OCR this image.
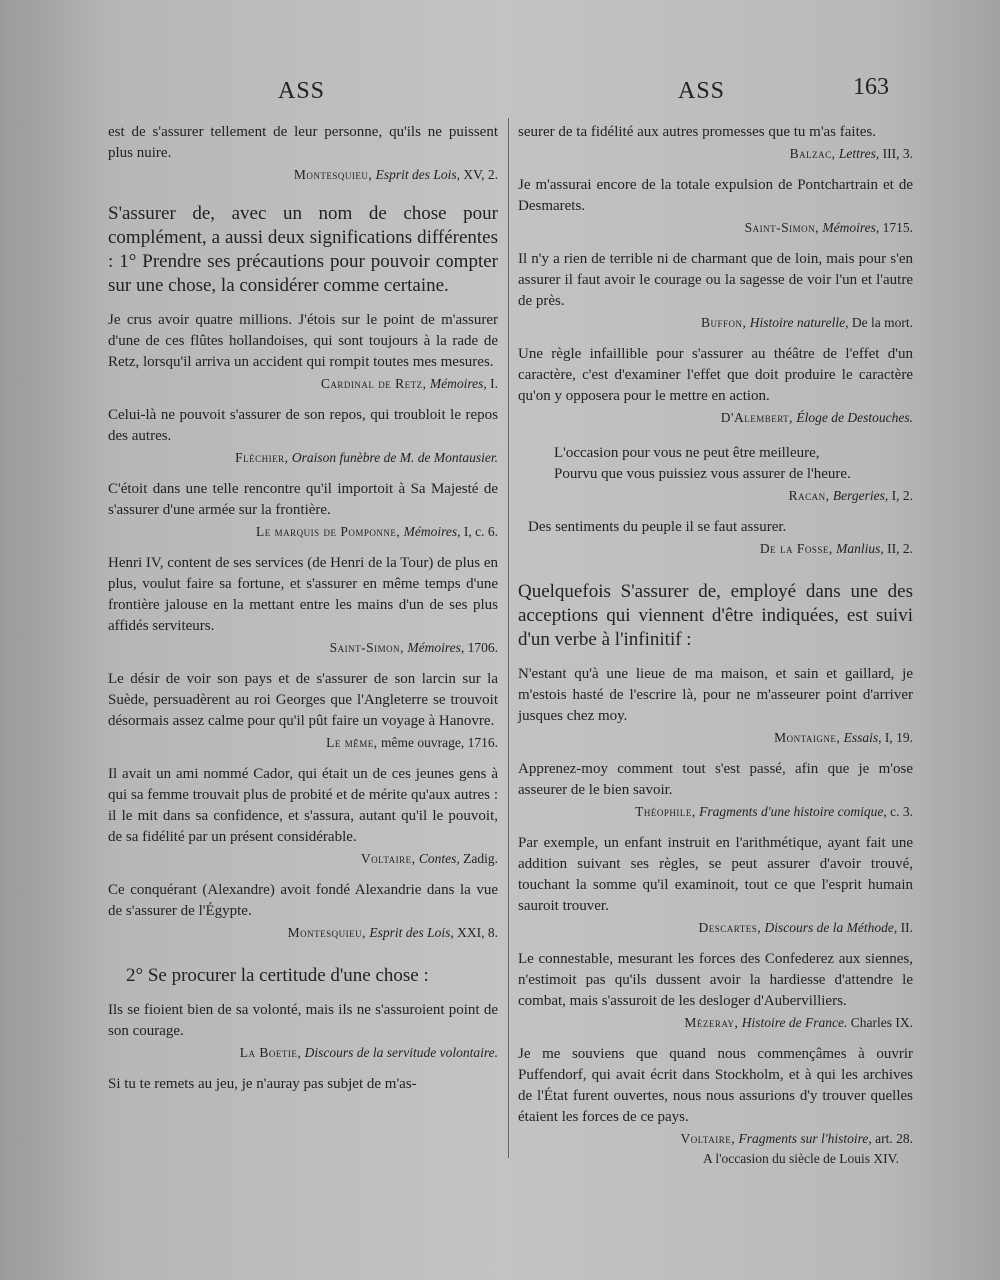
ASS	ASS	163

est de s'assurer tellement de leur personne, qu'ils ne puissent plus nuire.

Montesquieu, Esprit des Lois, XV, 2.

S'assurer de, avec un nom de chose pour complément, a aussi deux significations différentes : 1° Prendre ses précautions pour pouvoir compter sur une chose, la considérer comme certaine.

Je crus avoir quatre millions. J'étois sur le point de m'assurer d'une de ces flûtes hollandoises, qui sont toujours à la rade de Retz, lorsqu'il arriva un accident qui rompit toutes mes mesures.

Cardinal de Retz, Mémoires, I.

Celui-là ne pouvoit s'assurer de son repos, qui troubloit le repos des autres.

Fléchier, Oraison funèbre de M. de Montausier.

C'étoit dans une telle rencontre qu'il importoit à Sa Majesté de s'assurer d'une armée sur la frontière.

Le marquis de Pomponne, Mémoires, I, c. 6.

Henri IV, content de ses services (de Henri de la Tour) de plus en plus, voulut faire sa fortune, et s'assurer en même temps d'une frontière jalouse en la mettant entre les mains d'un de ses plus affidés serviteurs.

Saint-Simon, Mémoires, 1706.

Le désir de voir son pays et de s'assurer de son larcin sur la Suède, persuadèrent au roi Georges que l'Angleterre se trouvoit désormais assez calme pour qu'il pût faire un voyage à Hanovre.

Le même, même ouvrage, 1716.

Il avait un ami nommé Cador, qui était un de ces jeunes gens à qui sa femme trouvait plus de probité et de mérite qu'aux autres : il le mit dans sa confidence, et s'assura, autant qu'il le pouvoit, de sa fidélité par un présent considérable.

Voltaire, Contes, Zadig.

Ce conquérant (Alexandre) avoit fondé Alexandrie dans la vue de s'assurer de l'Égypte.

Montesquieu, Esprit des Lois, XXI, 8.

2° Se procurer la certitude d'une chose :

Ils se fioient bien de sa volonté, mais ils ne s'assuroient point de son courage.

La Boetie, Discours de la servitude volontaire.

Si tu te remets au jeu, je n'auray pas subjet de m'as-

seurer de ta fidélité aux autres promesses que tu m'as faites.

Balzac, Lettres, III, 3.

Je m'assurai encore de la totale expulsion de Pontchartrain et de Desmarets.

Saint-Simon, Mémoires, 1715.

Il n'y a rien de terrible ni de charmant que de loin, mais pour s'en assurer il faut avoir le courage ou la sagesse de voir l'un et l'autre de près.

Buffon, Histoire naturelle, De la mort.

Une règle infaillible pour s'assurer au théâtre de l'effet d'un caractère, c'est d'examiner l'effet que doit produire le caractère qu'on y opposera pour le mettre en action.

D'Alembert, Éloge de Destouches.

L'occasion pour vous ne peut être meilleure,

Pourvu que vous puissiez vous assurer de l'heure.

Racan, Bergeries, I, 2.

Des sentiments du peuple il se faut assurer.

De la Fosse, Manlius, II, 2.

Quelquefois S'assurer de, employé dans une des acceptions qui viennent d'être indiquées, est suivi d'un verbe à l'infinitif :

N'estant qu'à une lieue de ma maison, et sain et gaillard, je m'estois hasté de l'escrire là, pour ne m'asseurer point d'arriver jusques chez moy.

Montaigne, Essais, I, 19.

Apprenez-moy comment tout s'est passé, afin que je m'ose asseurer de le bien savoir.

Théophile, Fragments d'une histoire comique, c. 3.

Par exemple, un enfant instruit en l'arithmétique, ayant fait une addition suivant ses règles, se peut assurer d'avoir trouvé, touchant la somme qu'il examinoit, tout ce que l'esprit humain sauroit trouver.

Descartes, Discours de la Méthode, II.

Le connestable, mesurant les forces des Confederez aux siennes, n'estimoit pas qu'ils dussent avoir la hardiesse d'attendre le combat, mais s'assuroit de les desloger d'Aubervilliers.

Mézeray, Histoire de France. Charles IX.

Je me souviens que quand nous commençâmes à ouvrir Puffendorf, qui avait écrit dans Stockholm, et à qui les archives de l'État furent ouvertes, nous nous assurions d'y trouver quelles étaient les forces de ce pays.

Voltaire, Fragments sur l'histoire, art. 28.

A l'occasion du siècle de Louis XIV.
